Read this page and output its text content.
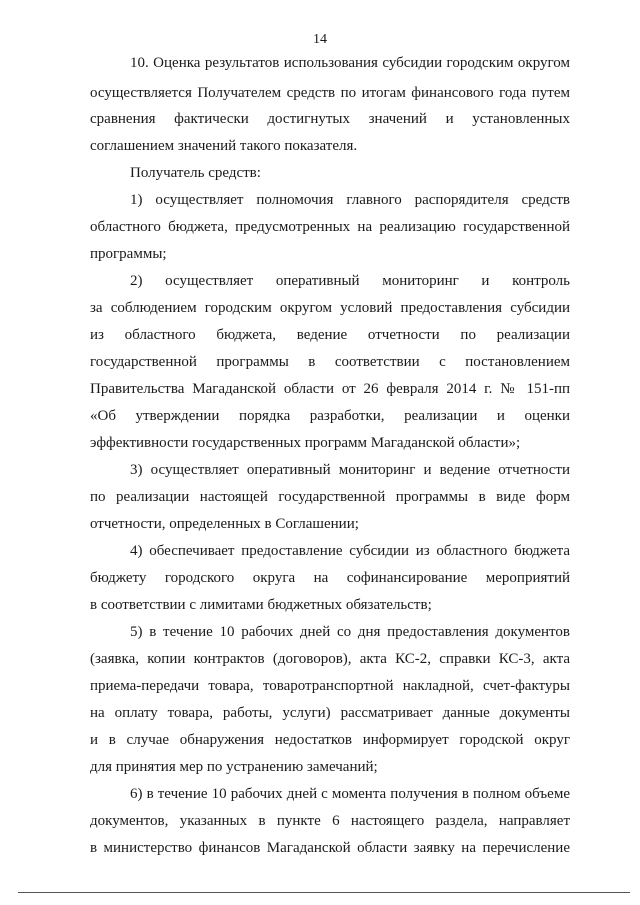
14
10. Оценка результатов использования субсидии городским округом
осуществляется Получателем средств по итогам финансового года путем
сравнения фактически достигнутых значений и установленных
соглашением значений такого показателя.
Получатель средств:
1) осуществляет полномочия главного распорядителя средств
областного бюджета, предусмотренных на реализацию государственной
программы;
2) осуществляет оперативный мониторинг и контроль
за соблюдением городским округом условий предоставления субсидии
из областного бюджета, ведение отчетности по реализации
государственной программы в соответствии с постановлением
Правительства Магаданской области от 26 февраля 2014 г. № 151-пп
«Об утверждении порядка разработки, реализации и оценки
эффективности государственных программ Магаданской области»;
3) осуществляет оперативный мониторинг и ведение отчетности
по реализации настоящей государственной программы в виде форм
отчетности, определенных в Соглашении;
4) обеспечивает предоставление субсидии из областного бюджета
бюджету городского округа на софинансирование мероприятий
в соответствии с лимитами бюджетных обязательств;
5) в течение 10 рабочих дней со дня предоставления документов
(заявка, копии контрактов (договоров), акта КС-2, справки КС-3, акта
приема-передачи товара, товаротранспортной накладной, счет-фактуры
на оплату товара, работы, услуги) рассматривает данные документы
и в случае обнаружения недостатков информирует городской округ
для принятия мер по устранению замечаний;
6) в течение 10 рабочих дней с момента получения в полном объеме
документов, указанных в пункте 6 настоящего раздела, направляет
в министерство финансов Магаданской области заявку на перечисление
